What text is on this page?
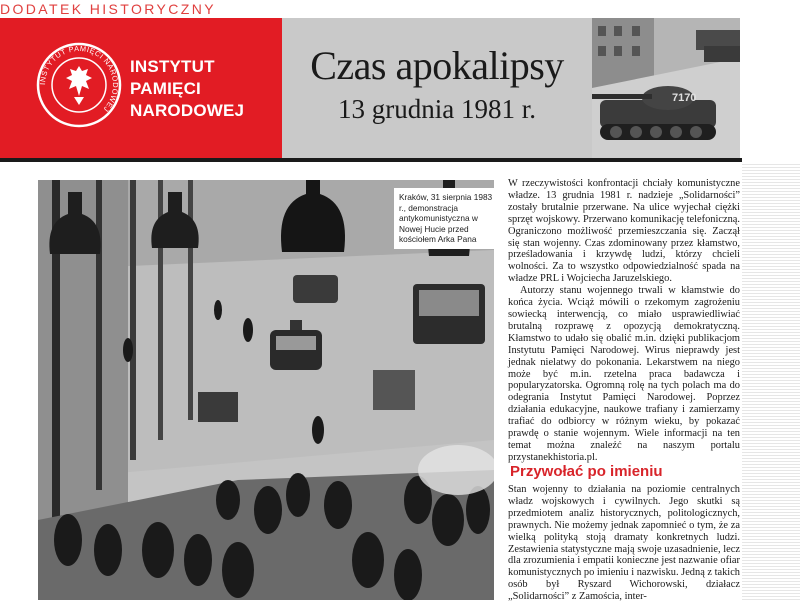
DODATEK HISTORYCZNY
INSTYTUT PAMIĘCI NARODOWEJ
INSTYTUT
PAMIĘCI
NARODOWEJ
Czas apokalipsy
13 grudnia 1981 r.	7170
Kraków, 31 sierpnia 1983 r., demonstracja antykomunistyczna w Nowej Hucie przed kościołem Arka Pana

W rzeczywistości konfrontacji chciały komunistyczne władze. 13 grudnia 1981 r. nadzieje „Solidarności” zostały brutalnie przerwane. Na ulice wyjechał ciężki sprzęt wojskowy. Przerwano komunikację telefoniczną. Ograniczono możliwość przemieszczania się. Zaczął się stan wojenny. Czas zdominowany przez kłamstwo, prześladowania i krzywdę ludzi, którzy chcieli wolności. Za to wszystko odpowiedzialność spada na władze PRL i Wojciecha Jaruzelskiego.

Autorzy stanu wojennego trwali w kłamstwie do końca życia. Wciąż mówili o rzekomym zagrożeniu sowiecką interwencją, co miało usprawiedliwiać brutalną rozprawę z opozycją demokratyczną. Kłamstwo to udało się obalić m.in. dzięki publikacjom Instytutu Pamięci Narodowej. Wirus nieprawdy jest jednak nielatwy do pokonania. Lekarstwem na niego może być m.in. rzetelna praca badawcza i popularyzatorska. Ogromną rolę na tych polach ma do odegrania Instytut Pamięci Narodowej. Poprzez działania edukacyjne, naukowe trafiany i zamierzamy trafiać do odbiorcy w różnym wieku, by pokazać prawdę o stanie wojennym. Wiele informacji na ten temat można znaleźć na naszym portalu przystanekhistoria.pl.

Przywołać po imieniu

Stan wojenny to działania na poziomie centralnych władz wojskowych i cywilnych. Jego skutki są przedmiotem analiz historycznych, politologicznych, prawnych. Nie możemy jednak zapomnieć o tym, że za wielką polityką stoją dramaty konkretnych ludzi. Zestawienia statystyczne mają swoje uzasadnienie, lecz dla zrozumienia i empatii konieczne jest nazwanie ofiar komunistycznych po imieniu i nazwisku. Jedną z takich osób był Ryszard Wichorowski, działacz „Solidarności” z Zamościa, inter-
